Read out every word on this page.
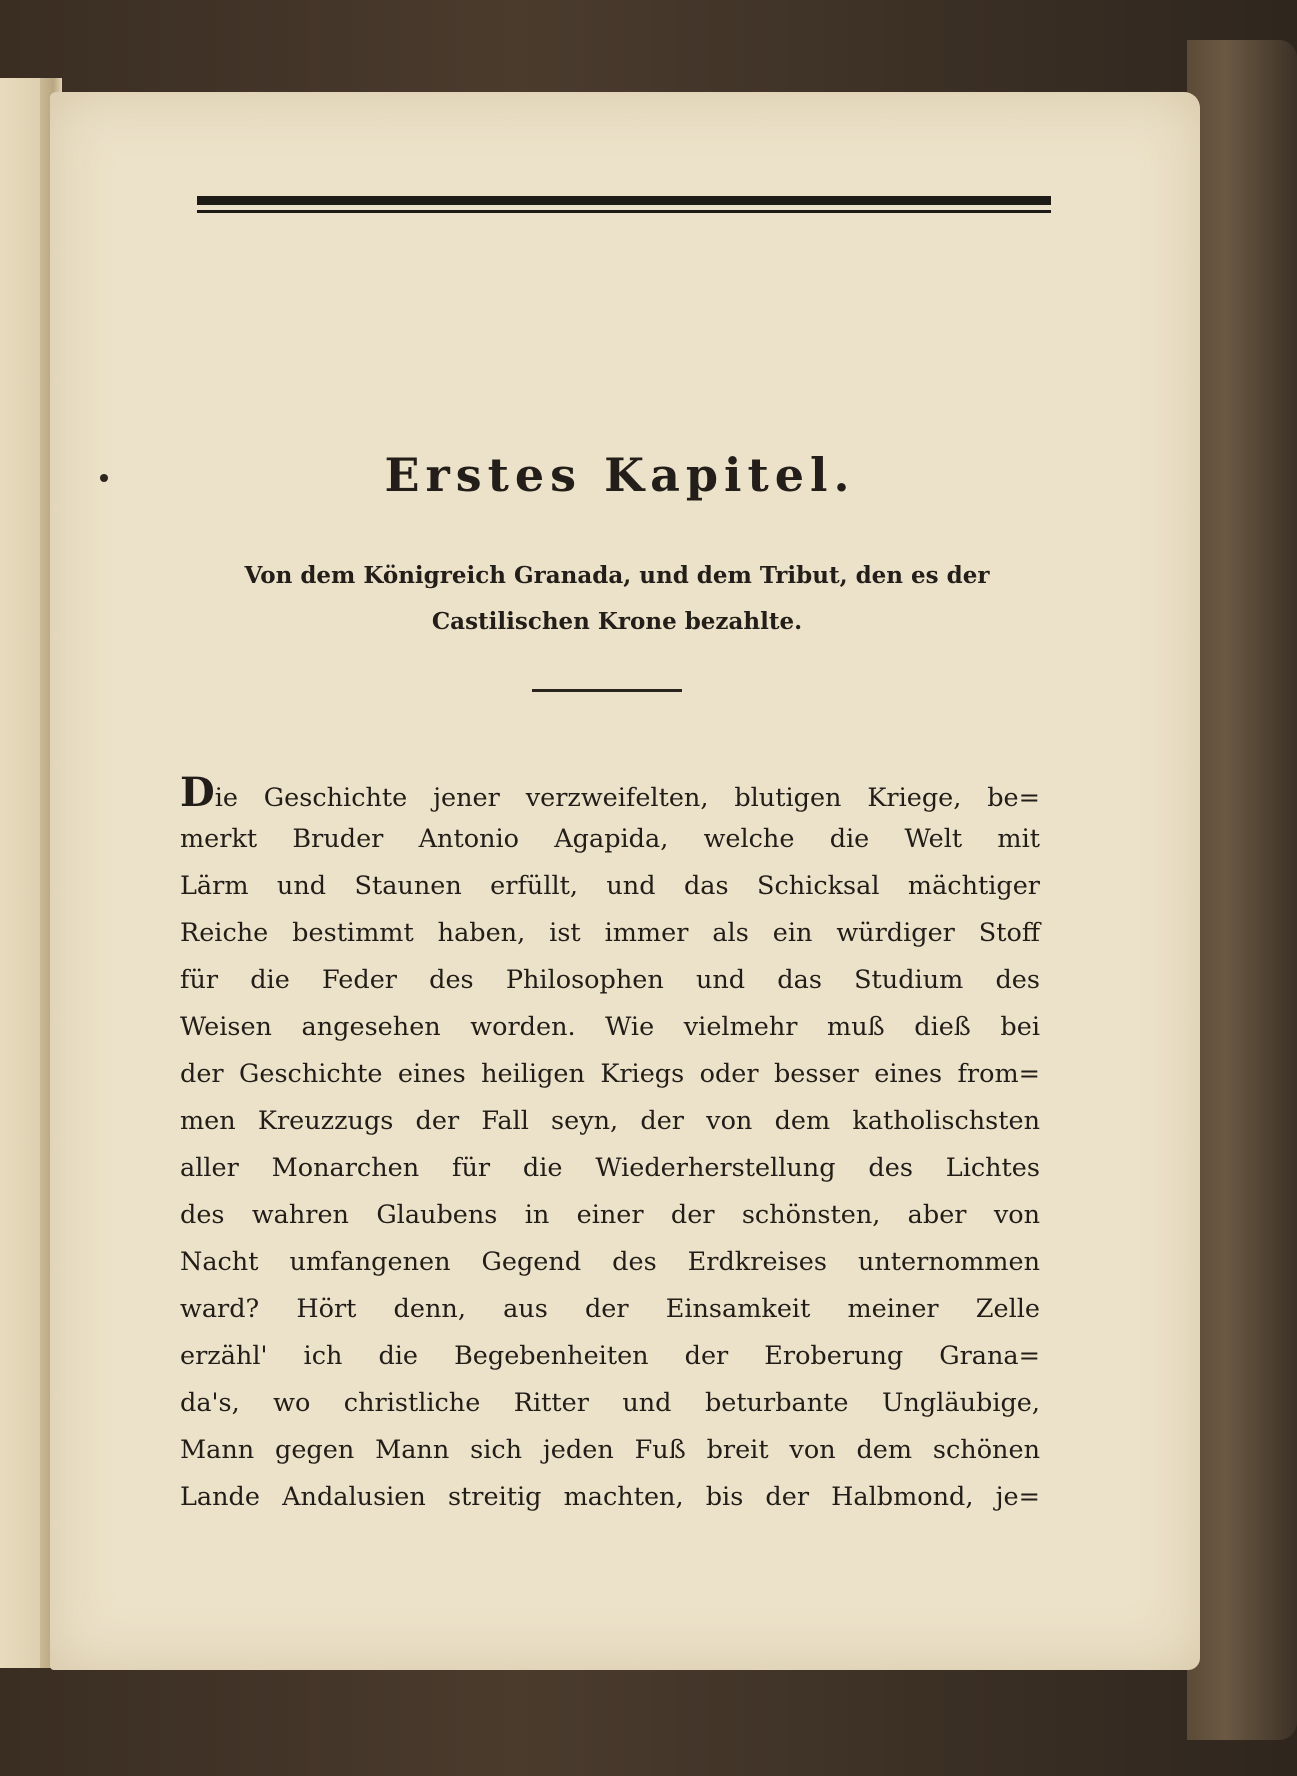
Erstes Kapitel.

Von dem Königreich Granada, und dem Tribut, den es der
Castilischen Krone bezahlte.

Die Geschichte jener verzweifelten, blutigen Kriege, be=
merkt Bruder Antonio Agapida, welche die Welt mit
Lärm und Staunen erfüllt, und das Schicksal mächtiger
Reiche bestimmt haben, ist immer als ein würdiger Stoff
für die Feder des Philosophen und das Studium des
Weisen angesehen worden. Wie vielmehr muß dieß bei
der Geschichte eines heiligen Kriegs oder besser eines from=
men Kreuzzugs der Fall seyn, der von dem katholischsten
aller Monarchen für die Wiederherstellung des Lichtes
des wahren Glaubens in einer der schönsten, aber von
Nacht umfangenen Gegend des Erdkreises unternommen
ward? Hört denn, aus der Einsamkeit meiner Zelle
erzähl' ich die Begebenheiten der Eroberung Grana=
da's, wo christliche Ritter und beturbante Ungläubige,
Mann gegen Mann sich jeden Fuß breit von dem schönen
Lande Andalusien streitig machten, bis der Halbmond, je=
